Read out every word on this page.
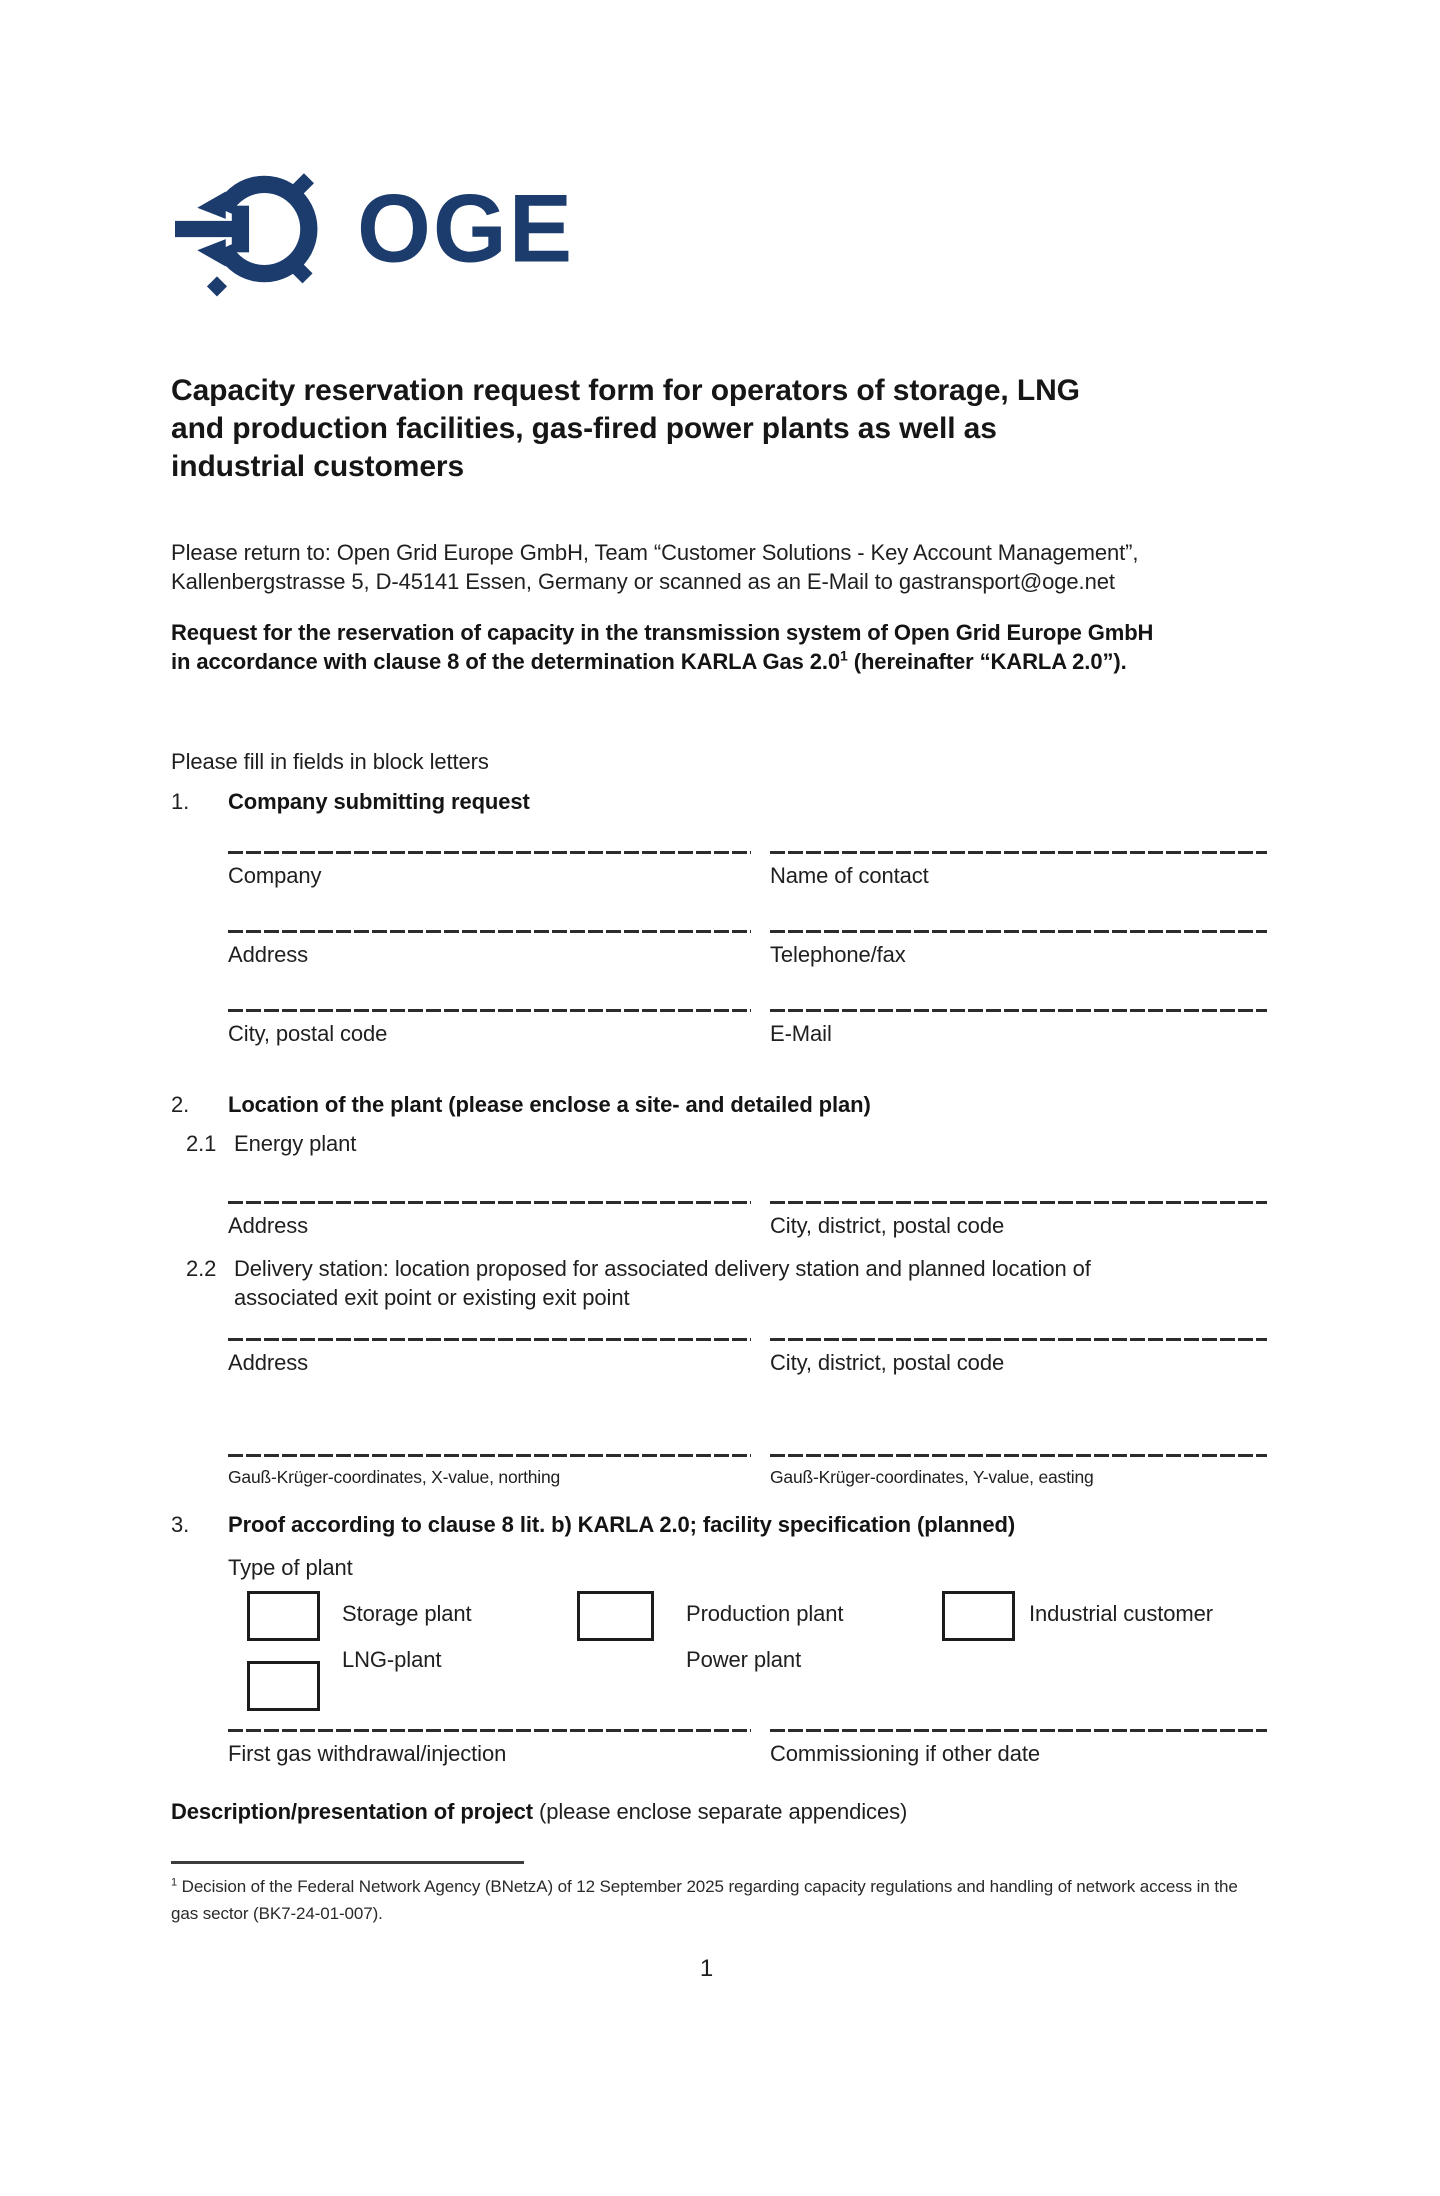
OGE
Capacity reservation request form for operators of storage, LNG
and production facilities, gas-fired power plants as well as
industrial customers
Please return to: Open Grid Europe GmbH, Team “Customer Solutions - Key Account Management”,
Kallenbergstrasse 5, D-45141 Essen, Germany or scanned as an E-Mail to gastransport@oge.net
Request for the reservation of capacity in the transmission system of Open Grid Europe GmbH
in accordance with clause 8 of the determination KARLA Gas $2.0^1$ (hereinafter “KARLA 2.0”).
Please fill in fields in block letters
1.	Company submitting request
Company	Name of contact
Address	Telephone/fax
City, postal code	E-Mail
2.	Location of the plant (please enclose a site- and detailed plan)
2.1 Energy plant
Address	City, district, postal code
2.2 Delivery station: location proposed for associated delivery station and planned location of
associated exit point or existing exit point
Address	City, district, postal code
Gauß-Krüger-coordinates, X-value, northing	Gauß-Krüger-coordinates, Y-value, easting
3.	Proof according to clause 8 lit. b) KARLA 2.0; facility specification (planned)
Type of plant
Storage plant
LNG-plant
Production plant
Power plant
Industrial customer
First gas withdrawal/injection	Commissioning if other date
Description/presentation of project (please enclose separate appendices)
$^1$ Decision of the Federal Network Agency (BNetzA) of 12 September 2025 regarding capacity regulations and handling of network access in the gas sector (BK7-24-01-007).
1
